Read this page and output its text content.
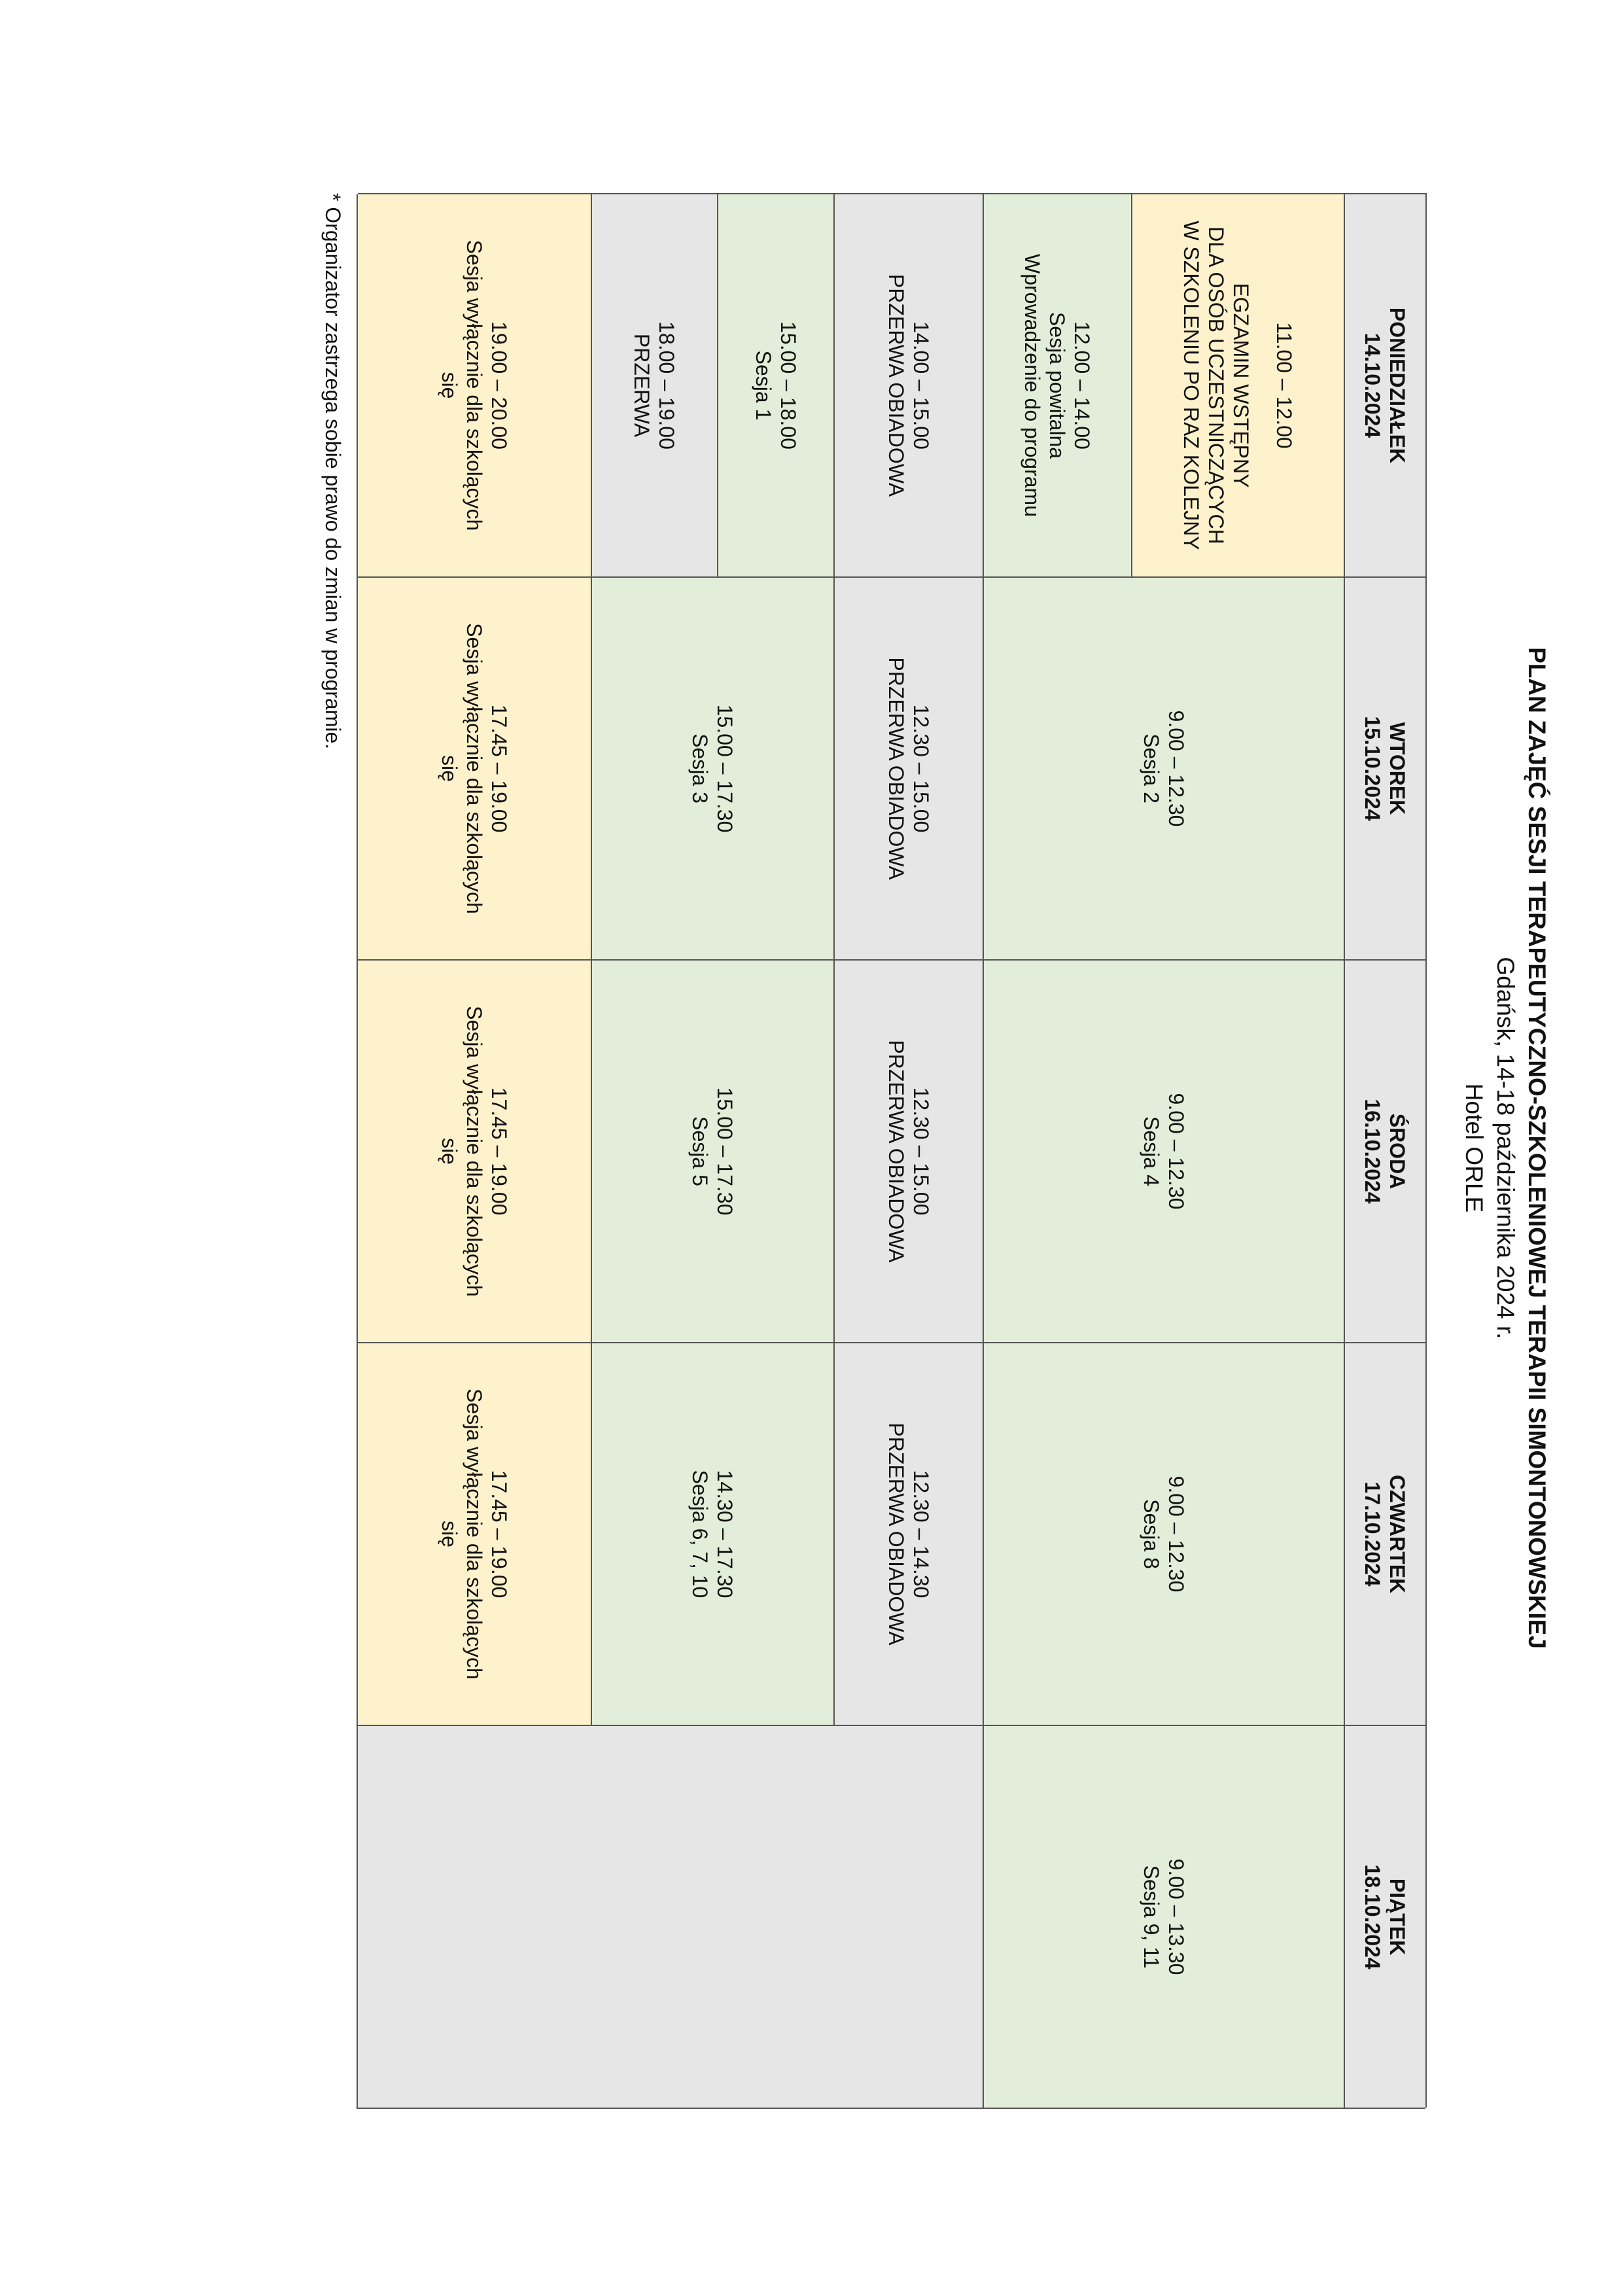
PLAN ZAJĘĆ SESJI TERAPEUTYCZNO-SZKOLENIOWEJ TERAPII SIMONTONOWSKIEJ
Gdańsk, 14-18 października 2024 r.
Hotel ORLE
PONIEDZIAŁEK
14.10.2024
WTOREK
15.10.2024
ŚRODA
16.10.2024
CZWARTEK
17.10.2024
PIĄTEK
18.10.2024
11.00 – 12.00
EGZAMIN WSTĘPNY
DLA OSÓB UCZESTNICZĄCYCH
W SZKOLENIU PO RAZ KOLEJNY
12.00 – 14.00
Sesja powitalna
Wprowadzenie do programu
14.00 – 15.00
PRZERWA OBIADOWA
15.00 – 18.00
Sesja 1
18.00 – 19.00
PRZERWA
19.00 – 20.00
Sesja wyłącznie dla szkolących
się
9.00 – 12.30
Sesja 2
12.30 – 15.00
PRZERWA OBIADOWA
15.00 – 17.30
Sesja 3
17.45 – 19.00
Sesja wyłącznie dla szkolących
się
9.00 – 12.30
Sesja 4
12.30 – 15.00
PRZERWA OBIADOWA
15.00 – 17.30
Sesja 5
17.45 – 19.00
Sesja wyłącznie dla szkolących
się
9.00 – 12.30
Sesja 8
12.30 – 14.30
PRZERWA OBIADOWA
14.30 – 17.30
Sesja 6, 7, 10
17.45 – 19.00
Sesja wyłącznie dla szkolących
się
9.00 – 13.30
Sesja 9, 11
* Organizator zastrzega sobie prawo do zmian w programie.
